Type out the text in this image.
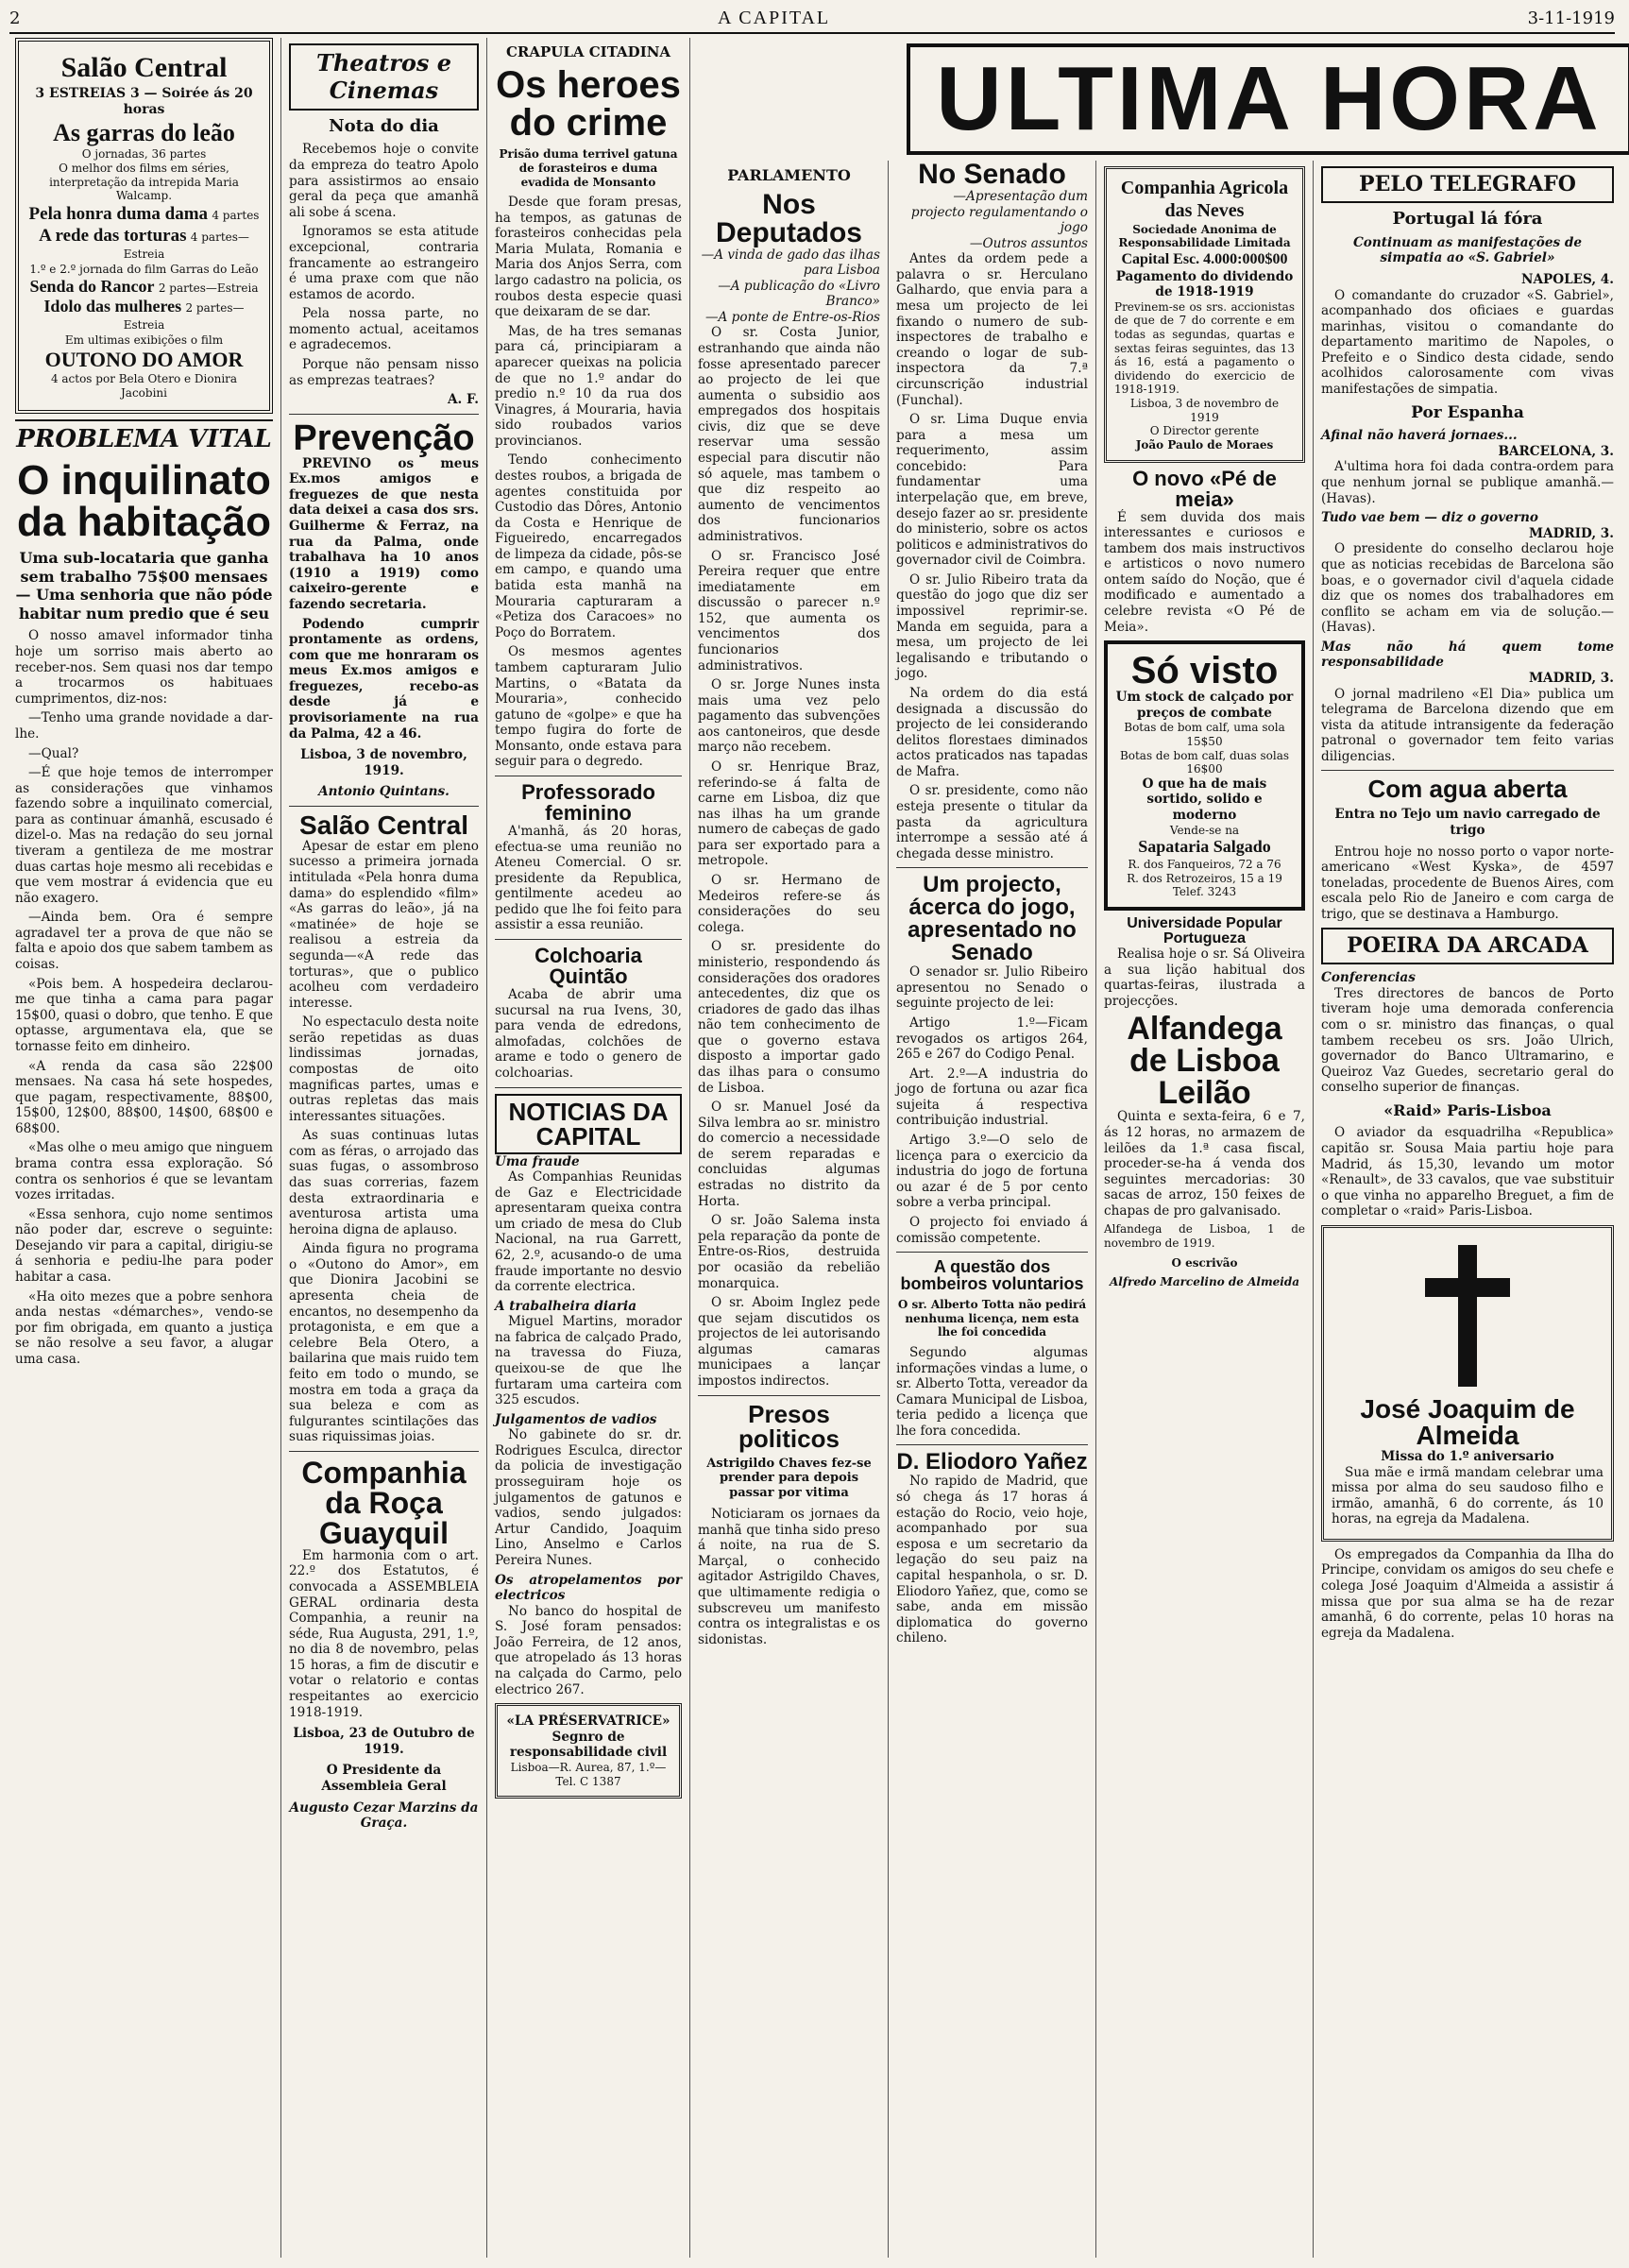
2	A CAPITAL	3-11-1919
Salão Central
3 ESTREIAS 3 — Soirée ás 20 horas
As garras do leão
O jornadas, 36 partes
O melhor dos films em séries, interpretação da intrepida Maria Walcamp.
Pela honra duma dama 4 partes
A rede das torturas 4 partes—Estreia
1.º e 2.º jornada do film Garras do Leão
Senda do Rancor 2 partes—Estreia
Idolo das mulheres 2 partes—Estreia
Em ultimas exibições o film
OUTONO DO AMOR
4 actos por Bela Otero e Dionira Jacobini
PROBLEMA VITAL
O inquilinato da habitação
Uma sub-locataria que ganha sem trabalho 75$00 mensaes — Uma senhoria que não póde habitar num predio que é seu

O nosso amavel informador tinha hoje um sorriso mais aberto ao receber-nos. Sem quasi nos dar tempo a trocarmos os habituaes cumprimentos, diz-nos:

—Tenho uma grande novidade a dar-lhe.

—Qual?

—É que hoje temos de interromper as considerações que vinhamos fazendo sobre a inquilinato comercial, para as continuar ámanhã, escusado é dizel-o. Mas na redação do seu jornal tiveram a gentileza de me mostrar duas cartas hoje mesmo ali recebidas e que vem mostrar á evidencia que eu não exagero.

—Ainda bem. Ora é sempre agradavel ter a prova de que não se falta e apoio dos que sabem tambem as coisas.

«Pois bem. A hospedeira declarou-me que tinha a cama para pagar 15$00, quasi o dobro, que tenho. E que optasse, argumentava ela, que se tornasse feito em dinheiro.

«A renda da casa são 22$00 mensaes. Na casa há sete hospedes, que pagam, respectivamente, 88$00, 15$00, 12$00, 88$00, 14$00, 68$00 e 68$00.

«Mas olhe o meu amigo que ninguem brama contra essa exploração. Só contra os senhorios é que se levantam vozes irritadas.

«Essa senhora, cujo nome sentimos não poder dar, escreve o seguinte: Desejando vir para a capital, dirigiu-se á senhoria e pediu-lhe para poder habitar a casa.

«Ha oito mezes que a pobre senhora anda nestas «démarches», vendo-se por fim obrigada, em quanto a justiça se não resolve a seu favor, a alugar uma casa.

Theatros e Cinemas
Nota do dia

Recebemos hoje o convite da empreza do teatro Apolo para assistirmos ao ensaio geral da peça que amanhã ali sobe á scena.

Ignoramos se esta atitude excepcional, contraria francamente ao estrangeiro é uma praxe com que não estamos de acordo.

Pela nossa parte, no momento actual, aceitamos e agradecemos.

Porque não pensam nisso as emprezas teatraes?

A. F.
Prevenção

PREVINO os meus Ex.mos amigos e freguezes de que nesta data deixei a casa dos srs. Guilherme & Ferraz, na rua da Palma, onde trabalhava ha 10 anos (1910 a 1919) como caixeiro-gerente e fazendo secretaria.

Podendo cumprir prontamente as ordens, com que me honraram os meus Ex.mos amigos e freguezes, recebo-as desde já e provisoriamente na rua da Palma, 42 a 46.

Lisboa, 3 de novembro, 1919.
Antonio Quintans.
Salão Central

Apesar de estar em pleno sucesso a primeira jornada intitulada «Pela honra duma dama» do esplendido «film» «As garras do leão», já na «matinée» de hoje se realisou a estreia da segunda—«A rede das torturas», que o publico acolheu com verdadeiro interesse.

No espectaculo desta noite serão repetidas as duas lindissimas jornadas, compostas de oito magnificas partes, umas e outras repletas das mais interessantes situações.

As suas continuas lutas com as féras, o arrojado das suas fugas, o assombroso das suas correrias, fazem desta extraordinaria e aventurosa artista uma heroina digna de aplauso.

Ainda figura no programa o «Outono do Amor», em que Dionira Jacobini se apresenta cheia de encantos, no desempenho da protagonista, e em que a celebre Bela Otero, a bailarina que mais ruido tem feito em todo o mundo, se mostra em toda a graça da sua beleza e com as fulgurantes scintilações das suas riquissimas joias.

Companhia da Roça Guayquil

Em harmonia com o art. 22.º dos Estatutos, é convocada a ASSEMBLEIA GERAL ordinaria desta Companhia, a reunir na séde, Rua Augusta, 291, 1.º, no dia 8 de novembro, pelas 15 horas, a fim de discutir e votar o relatorio e contas respeitantes ao exercicio 1918-1919.

Lisboa, 23 de Outubro de 1919.
O Presidente da Assembleia Geral
Augusto Cezar Marzins da Graça.
CRAPULA CITADINA
Os heroes do crime
Prisão duma terrivel gatuna de forasteiros e duma evadida de Monsanto

Desde que foram presas, ha tempos, as gatunas de forasteiros conhecidas pela Maria Mulata, Romania e Maria dos Anjos Serra, com largo cadastro na policia, os roubos desta especie quasi que deixaram de se dar.

Mas, de ha tres semanas para cá, principiaram a aparecer queixas na policia de que no 1.º andar do predio n.º 10 da rua dos Vinagres, á Mouraria, havia sido roubados varios provincianos.

Tendo conhecimento destes roubos, a brigada de agentes constituida por Custodio das Dôres, Antonio da Costa e Henrique de Figueiredo, encarregados de limpeza da cidade, pôs-se em campo, e quando uma batida esta manhã na Mouraria capturaram a «Petiza dos Caracoes» no Poço do Borratem.

Os mesmos agentes tambem capturaram Julio Martins, o «Batata da Mouraria», conhecido gatuno de «golpe» e que ha tempo fugira do forte de Monsanto, onde estava para seguir para o degredo.

Professorado feminino

A'manhã, ás 20 horas, efectua-se uma reunião no Ateneu Comercial. O sr. presidente da Republica, gentilmente acedeu ao pedido que lhe foi feito para assistir a essa reunião.

Colchoaria Quintão

Acaba de abrir uma sucursal na rua Ivens, 30, para venda de edredons, almofadas, colchões de arame e todo o genero de colchoarias.

NOTICIAS DA CAPITAL
Uma fraude

As Companhias Reunidas de Gaz e Electricidade apresentaram queixa contra um criado de mesa do Club Nacional, na rua Garrett, 62, 2.º, acusando-o de uma fraude importante no desvio da corrente electrica.

A trabalheira diaria

Miguel Martins, morador na fabrica de calçado Prado, na travessa do Fiuza, queixou-se de que lhe furtaram uma carteira com 325 escudos.

Julgamentos de vadios

No gabinete do sr. dr. Rodrigues Esculca, director da policia de investigação prosseguiram hoje os julgamentos de gatunos e vadios, sendo julgados: Artur Candido, Joaquim Lino, Anselmo e Carlos Pereira Nunes.

Os atropelamentos por electricos

No banco do hospital de S. José foram pensados: João Ferreira, de 12 anos, que atropelado ás 13 horas na calçada do Carmo, pelo electrico 267.

«LA PRÉSERVATRICE»
Segnro de responsabilidade civil
Lisboa—R. Aurea, 87, 1.º—Tel. C 1387
ULTIMA HORA
PARLAMENTO
Nos Deputados
—A vinda de gado das ilhas para Lisboa
—A publicação do «Livro Branco»
—A ponte de Entre-os-Rios

O sr. Costa Junior, estranhando que ainda não fosse apresentado parecer ao projecto de lei que aumenta o subsidio aos empregados dos hospitais civis, diz que se deve reservar uma sessão especial para discutir não só aquele, mas tambem o que diz respeito ao aumento de vencimentos dos funcionarios administrativos.

O sr. Francisco José Pereira requer que entre imediatamente em discussão o parecer n.º 152, que aumenta os vencimentos dos funcionarios administrativos.

O sr. Jorge Nunes insta mais uma vez pelo pagamento das subvenções aos cantoneiros, que desde março não recebem.

O sr. Henrique Braz, referindo-se á falta de carne em Lisboa, diz que nas ilhas ha um grande numero de cabeças de gado para ser exportado para a metropole.

O sr. Hermano de Medeiros refere-se ás considerações do seu colega.

O sr. presidente do ministerio, respondendo ás considerações dos oradores antecedentes, diz que os criadores de gado das ilhas não tem conhecimento de que o governo estava disposto a importar gado das ilhas para o consumo de Lisboa.

O sr. Manuel José da Silva lembra ao sr. ministro do comercio a necessidade de serem reparadas e concluidas algumas estradas no distrito da Horta.

O sr. João Salema insta pela reparação da ponte de Entre-os-Rios, destruida por ocasião da rebelião monarquica.

O sr. Aboim Inglez pede que sejam discutidos os projectos de lei autorisando algumas camaras municipaes a lançar impostos indirectos.

Presos politicos
Astrigildo Chaves fez-se prender para depois passar por vitima

Noticiaram os jornaes da manhã que tinha sido preso á noite, na rua de S. Marçal, o conhecido agitador Astrigildo Chaves, que ultimamente redigia o subscreveu um manifesto contra os integralistas e os sidonistas.

No Senado
—Apresentação dum projecto regulamentando o jogo
—Outros assuntos

Antes da ordem pede a palavra o sr. Herculano Galhardo, que envia para a mesa um projecto de lei fixando o numero de sub-inspectores de trabalho e creando o logar de sub-inspectora da 7.ª circunscrição industrial (Funchal).

O sr. Lima Duque envia para a mesa um requerimento, assim concebido: Para fundamentar uma interpelação que, em breve, desejo fazer ao sr. presidente do ministerio, sobre os actos politicos e administrativos do governador civil de Coimbra.

O sr. Julio Ribeiro trata da questão do jogo que diz ser impossivel reprimir-se. Manda em seguida, para a mesa, um projecto de lei legalisando e tributando o jogo.

Na ordem do dia está designada a discussão do projecto de lei considerando delitos florestaes diminados actos praticados nas tapadas de Mafra.

O sr. presidente, como não esteja presente o titular da pasta da agricultura interrompe a sessão até á chegada desse ministro.

Um projecto, ácerca do jogo, apresentado no Senado

O senador sr. Julio Ribeiro apresentou no Senado o seguinte projecto de lei:

Artigo 1.º—Ficam revogados os artigos 264, 265 e 267 do Codigo Penal.

Art. 2.º—A industria do jogo de fortuna ou azar fica sujeita á respectiva contribuição industrial.

Artigo 3.º—O selo de licença para o exercicio da industria do jogo de fortuna ou azar é de 5 por cento sobre a verba principal.

O projecto foi enviado á comissão competente.

A questão dos bombeiros voluntarios
O sr. Alberto Totta não pedirá nenhuma licença, nem esta lhe foi concedida

Segundo algumas informações vindas a lume, o sr. Alberto Totta, vereador da Camara Municipal de Lisboa, teria pedido a licença que lhe fora concedida.

D. Eliodoro Yañez

No rapido de Madrid, que só chega ás 17 horas á estação do Rocio, veio hoje, acompanhado por sua esposa e um secretario da legação do seu paiz na capital hespanhola, o sr. D. Eliodoro Yañez, que, como se sabe, anda em missão diplomatica do governo chileno.

Companhia Agricola das Neves
Sociedade Anonima de Responsabilidade Limitada
Capital Esc. 4.000:000$00
Pagamento do dividendo de 1918-1919
Previnem-se os srs. accionistas de que de 7 do corrente e em todas as segundas, quartas e sextas feiras seguintes, das 13 ás 16, está a pagamento o dividendo do exercicio de 1918-1919.
Lisboa, 3 de novembro de 1919
O Director gerente
João Paulo de Moraes
O novo «Pé de meia»

É sem duvida dos mais interessantes e curiosos e tambem dos mais instructivos e artisticos o novo numero ontem saído do Noção, que é modificado e aumentado a celebre revista «O Pé de Meia».

Só visto
Um stock de calçado por preços de combate
Botas de bom calf, uma sola 15$50
Botas de bom calf, duas solas 16$00
O que ha de mais sortido, solido e moderno
Vende-se na
Sapataria Salgado
R. dos Fanqueiros, 72 a 76
R. dos Retrozeiros, 15 a 19
Telef. 3243
Universidade Popular Portugueza

Realisa hoje o sr. Sá Oliveira a sua lição habitual dos quartas-feiras, ilustrada a projecções.

Alfandega de Lisboa Leilão

Quinta e sexta-feira, 6 e 7, ás 12 horas, no armazem de leilões da 1.ª casa fiscal, proceder-se-ha á venda dos seguintes mercadorias: 30 sacas de arroz, 150 feixes de chapas de pro galvanisado.

Alfandega de Lisboa, 1 de novembro de 1919.
O escrivão
Alfredo Marcelino de Almeida
PELO TELEGRAFO
Portugal lá fóra
Continuam as manifestações de simpatia ao «S. Gabriel»
NAPOLES, 4.

O comandante do cruzador «S. Gabriel», acompanhado dos oficiaes e guardas marinhas, visitou o comandante do departamento maritimo de Napoles, o Prefeito e o Sindico desta cidade, sendo acolhidos calorosamente com vivas manifestações de simpatia.

Por Espanha
Afinal não haverá jornaes...
BARCELONA, 3.

A'ultima hora foi dada contra-ordem para que nenhum jornal se publique amanhã.—(Havas).

Tudo vae bem — diz o governo
MADRID, 3.

O presidente do conselho declarou hoje que as noticias recebidas de Barcelona são boas, e o governador civil d'aquela cidade diz que os nomes dos trabalhadores em conflito se acham em via de solução.—(Havas).

Mas não há quem tome responsabilidade
MADRID, 3.

O jornal madrileno «El Dia» publica um telegrama de Barcelona dizendo que em vista da atitude intransigente da federação patronal o governador tem feito varias diligencias.

Com agua aberta
Entra no Tejo um navio carregado de trigo

Entrou hoje no nosso porto o vapor norte-americano «West Kyska», de 4597 toneladas, procedente de Buenos Aires, com escala pelo Rio de Janeiro e com carga de trigo, que se destinava a Hamburgo.

POEIRA DA ARCADA
Conferencias

Tres directores de bancos de Porto tiveram hoje uma demorada conferencia com o sr. ministro das finanças, o qual tambem recebeu os srs. João Ulrich, governador do Banco Ultramarino, e Queiroz Vaz Guedes, secretario geral do conselho superior de finanças.

«Raid» Paris-Lisboa

O aviador da esquadrilha «Republica» capitão sr. Sousa Maia partiu hoje para Madrid, ás 15,30, levando um motor «Renault», de 33 cavalos, que vae substituir o que vinha no apparelho Breguet, a fim de completar o «raid» Paris-Lisboa.

José Joaquim de Almeida
Missa do 1.º aniversario

Sua mãe e irmã mandam celebrar uma missa por alma do seu saudoso filho e irmão, amanhã, 6 do corrente, ás 10 horas, na egreja da Madalena.

Os empregados da Companhia da Ilha do Principe, convidam os amigos do seu chefe e colega José Joaquim d'Almeida a assistir á missa que por sua alma se ha de rezar amanhã, 6 do corrente, pelas 10 horas na egreja da Madalena.
